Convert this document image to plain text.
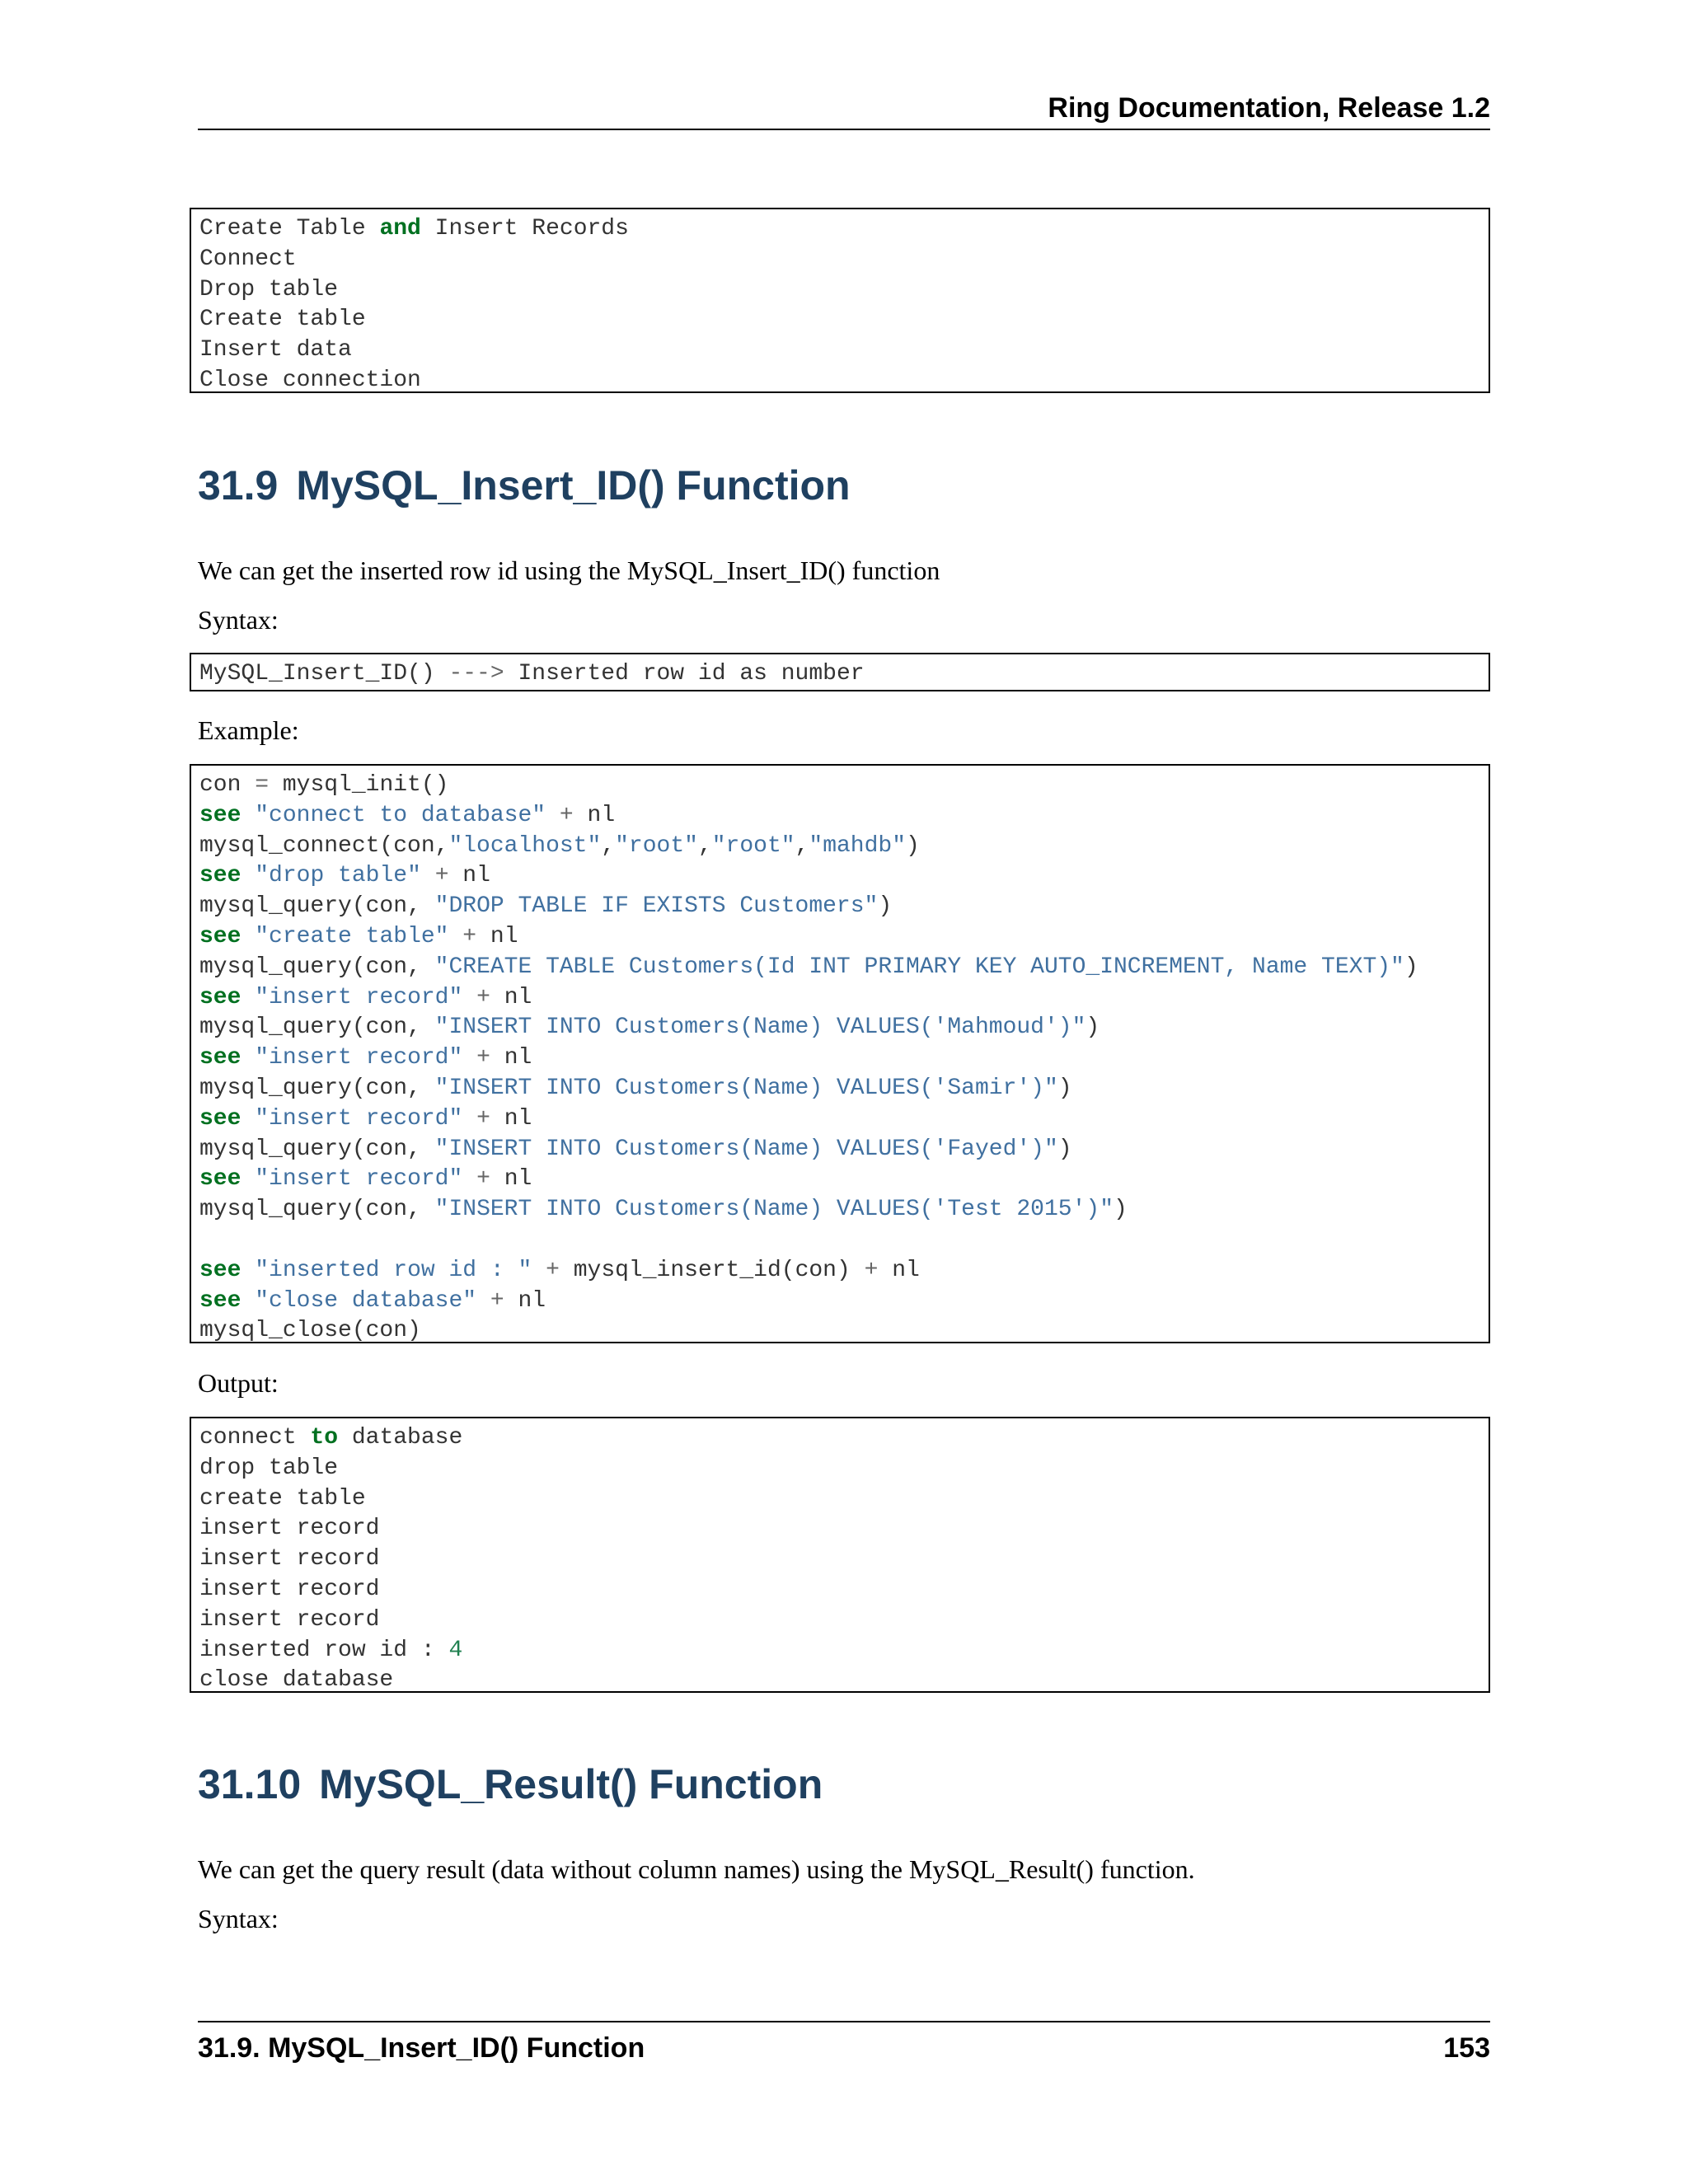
Ring Documentation, Release 1.2
Create Table and Insert Records
Connect
Drop table
Create table
Insert data
Close connection
31.9 MySQL_Insert_ID() Function
We can get the inserted row id using the MySQL_Insert_ID() function
Syntax:
MySQL_Insert_ID() ---> Inserted row id as number
Example:
con = mysql_init()
see "connect to database" + nl
mysql_connect(con,"localhost","root","root","mahdb")
see "drop table" + nl
mysql_query(con, "DROP TABLE IF EXISTS Customers")
see "create table" + nl
mysql_query(con, "CREATE TABLE Customers(Id INT PRIMARY KEY AUTO_INCREMENT, Name TEXT)")
see "insert record" + nl
mysql_query(con, "INSERT INTO Customers(Name) VALUES('Mahmoud')")
see "insert record" + nl
mysql_query(con, "INSERT INTO Customers(Name) VALUES('Samir')")
see "insert record" + nl
mysql_query(con, "INSERT INTO Customers(Name) VALUES('Fayed')")
see "insert record" + nl
mysql_query(con, "INSERT INTO Customers(Name) VALUES('Test 2015')")
see "inserted row id : " + mysql_insert_id(con) + nl
see "close database" + nl
mysql_close(con)
Output:
connect to database
drop table
create table
insert record
insert record
insert record
insert record
inserted row id : 4
close database
31.10 MySQL_Result() Function
We can get the query result (data without column names) using the MySQL_Result() function.
Syntax:
31.9. MySQL_Insert_ID() Function	153
